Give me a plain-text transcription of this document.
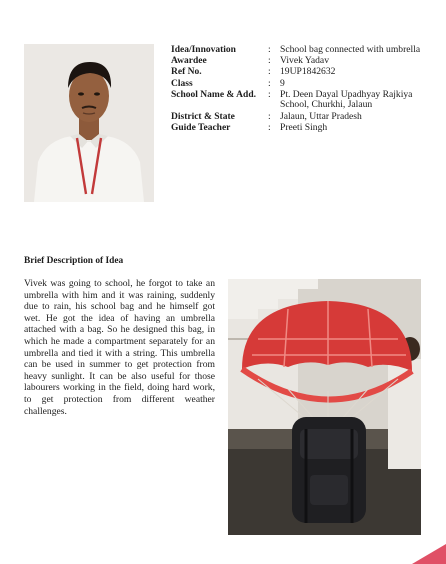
Idea/Innovation	: School bag connected with umbrella
Awardee	: Vivek Yadav
Ref No.	: 19UP1842632
Class	: 9
School Name & Add.	: Pt. Deen Dayal Upadhyay Rajkiya School, Churkhi, Jalaun
District & State	: Jalaun, Uttar Pradesh
Guide Teacher	: Preeti Singh
Brief Description of Idea
Vivek was going to school, he forgot to take an umbrella with him and it was raining, suddenly due to rain, his school bag and he himself got wet. He got the idea of having an umbrella attached with a bag. So he designed this bag, in which he made a compartment separately for an umbrella and tied it with a string. This umbrella can be used in summer to get protection from heavy sunlight. It can be also useful for those labourers working in the field, doing hard work, to get protection from different weather challenges.
